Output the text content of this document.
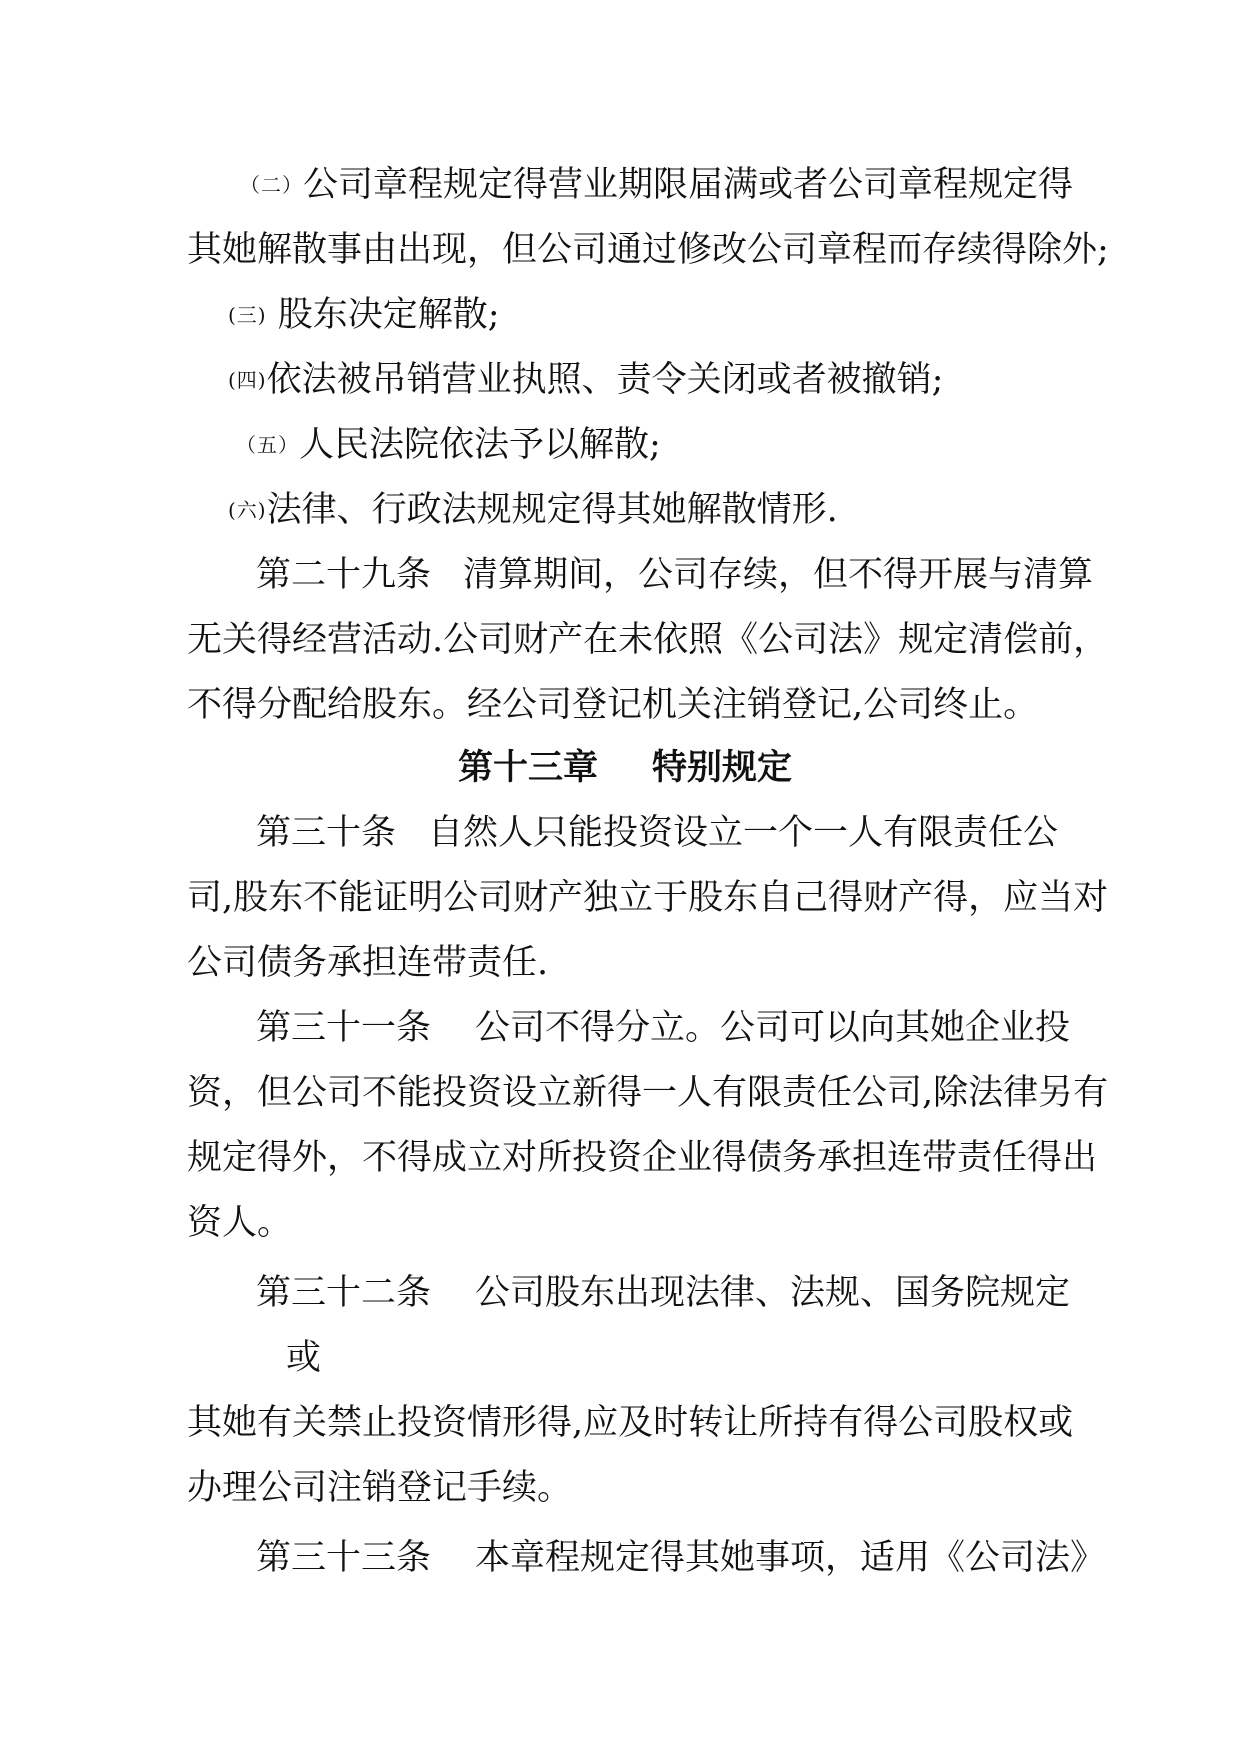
（二）公司章程规定得营业期限届满或者公司章程规定得
其她解散事由出现，但公司通过修改公司章程而存续得除外;
(三) 股东决定解散;
(四)依法被吊销营业执照、责令关闭或者被撤销;
（五）人民法院依法予以解散;
(六)法律、行政法规规定得其她解散情形.
第二十九条 清算期间，公司存续，但不得开展与清算
无关得经营活动.公司财产在未依照《公司法》规定清偿前，
不得分配给股东。经公司登记机关注销登记,公司终止。
第十三章 特别规定
第三十条 自然人只能投资设立一个一人有限责任公
司,股东不能证明公司财产独立于股东自己得财产得，应当对
公司债务承担连带责任.
第三十一条 公司不得分立。公司可以向其她企业投
资，但公司不能投资设立新得一人有限责任公司,除法律另有
规定得外，不得成立对所投资企业得债务承担连带责任得出
资人。
第三十二条 公司股东出现法律、法规、国务院规定
或
其她有关禁止投资情形得,应及时转让所持有得公司股权或
办理公司注销登记手续。
第三十三条 本章程规定得其她事项，适用《公司法》
